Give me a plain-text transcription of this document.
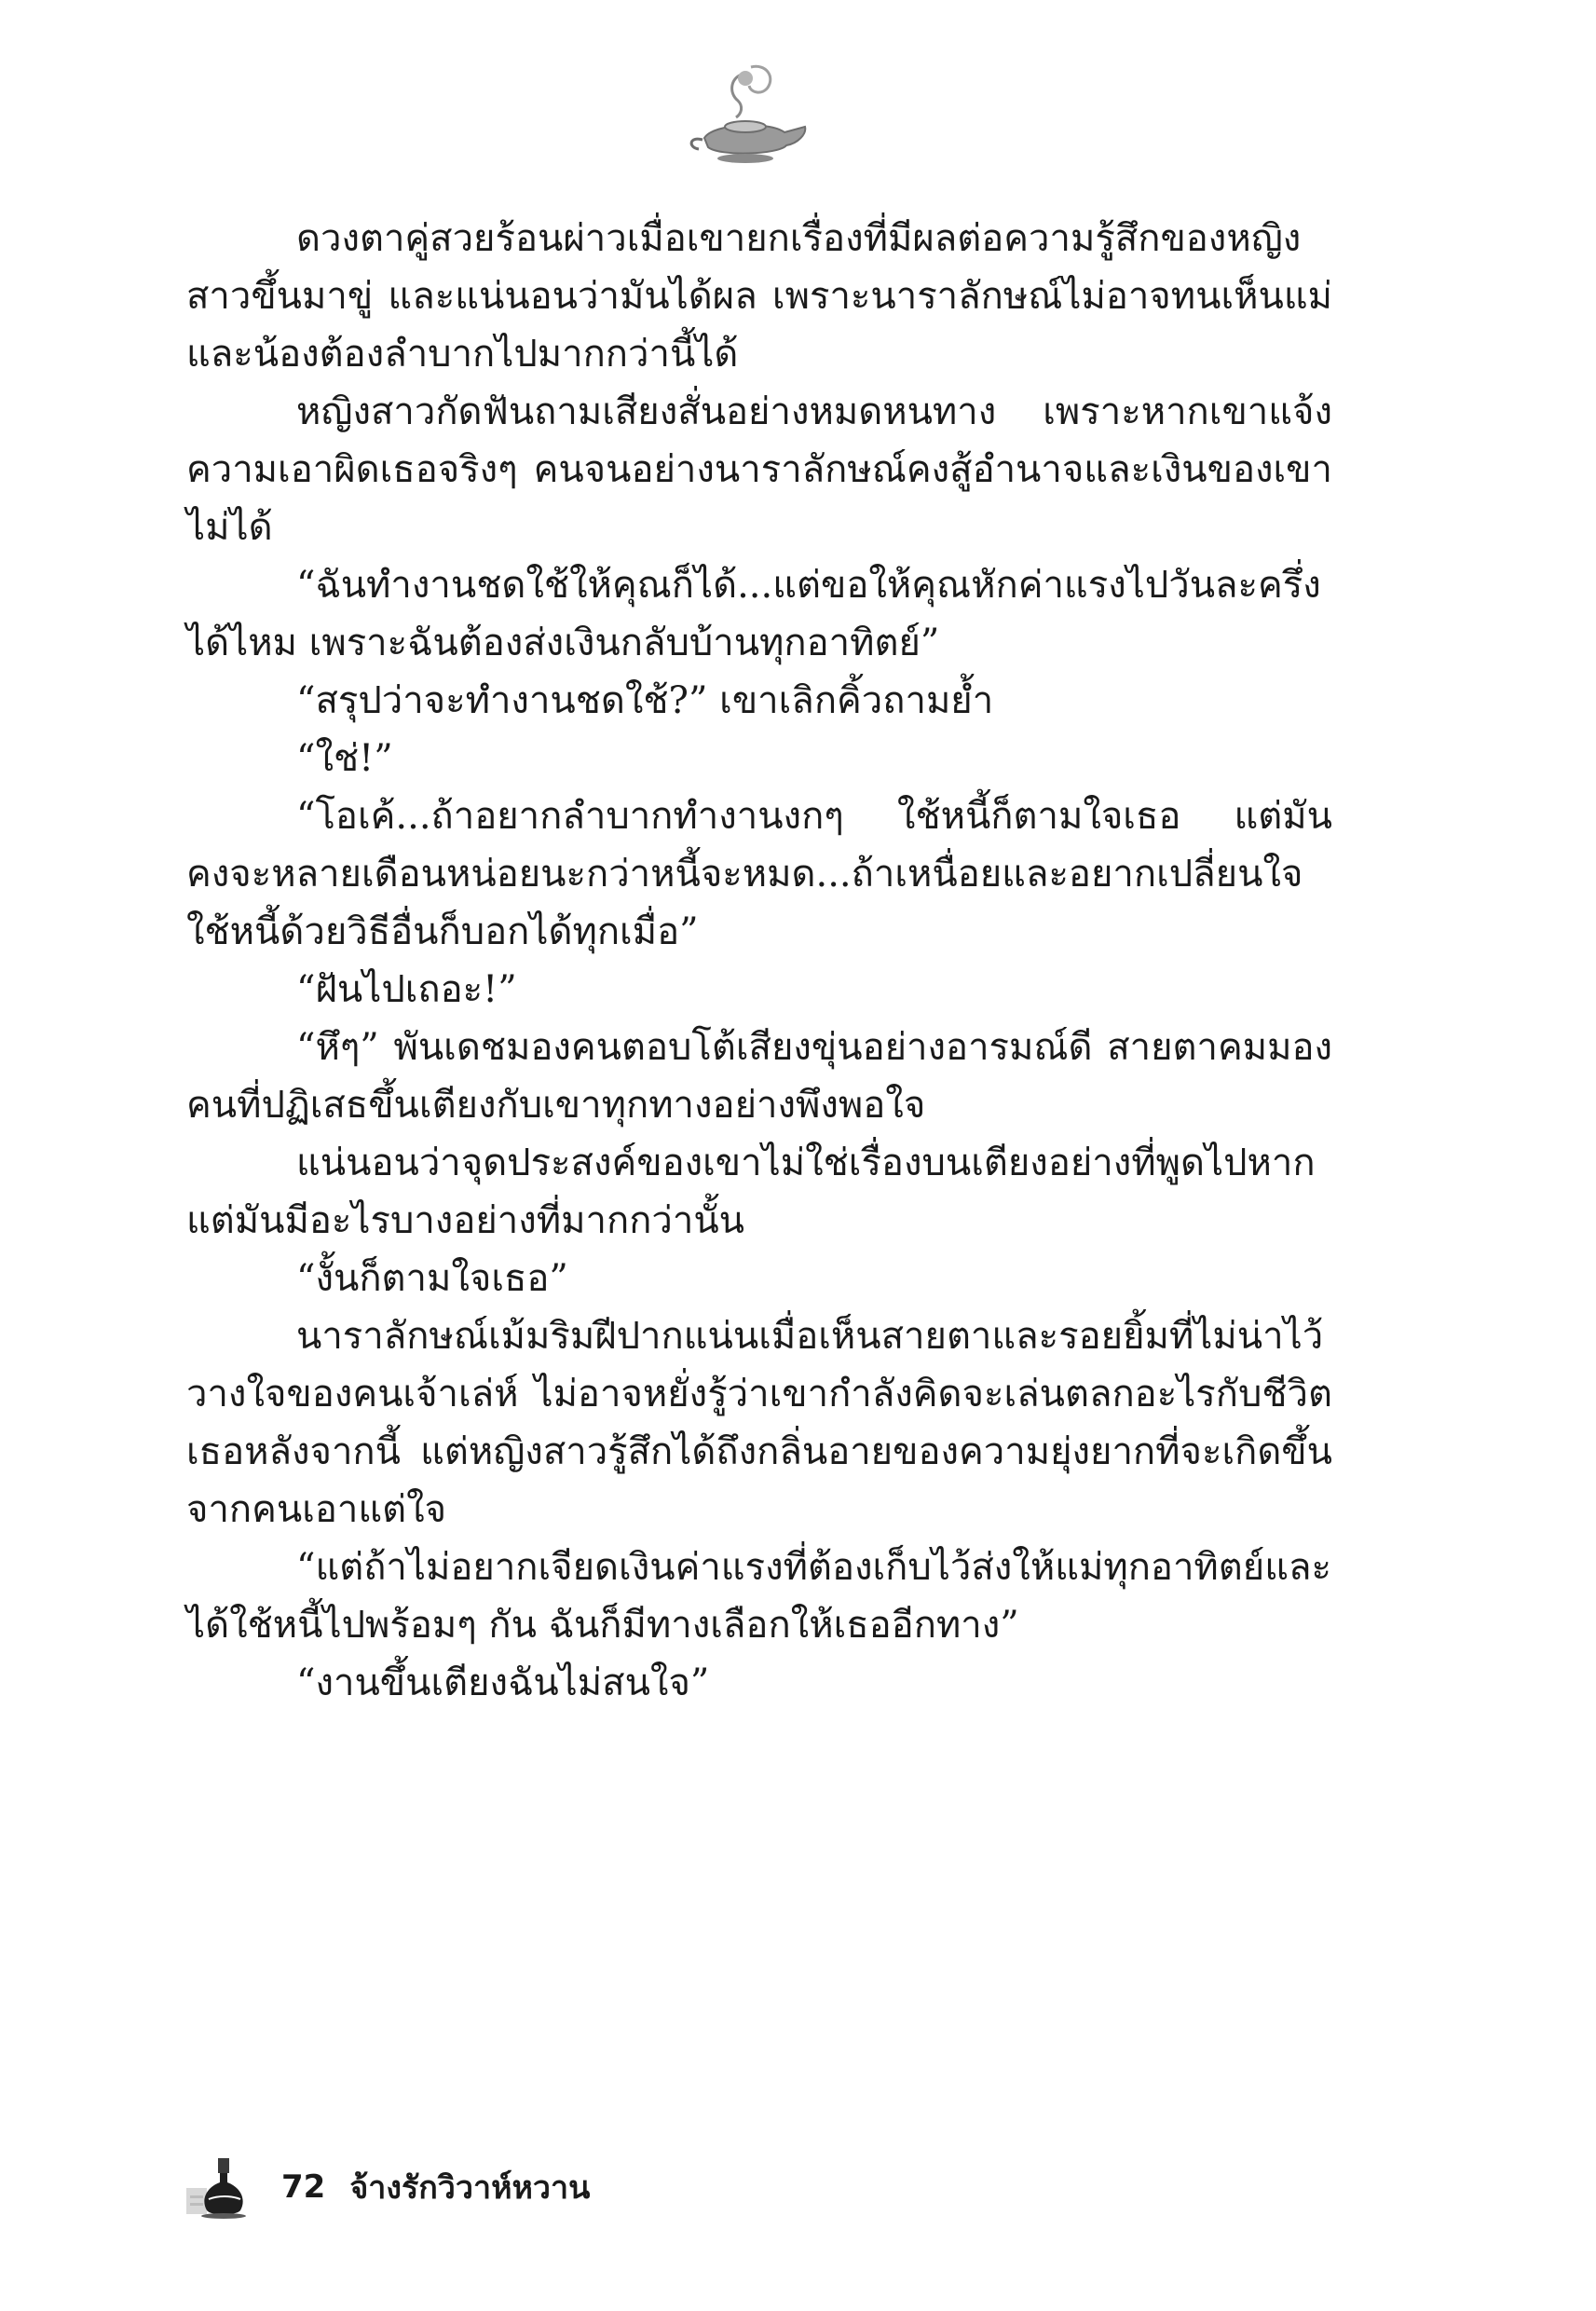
ดวงตาคู่สวยร้อนผ่าวเมื่อเขายกเรื่องที่มีผลต่อความรู้สึกของหญิงสาวขึ้นมาขู่ และแน่นอนว่ามันได้ผล เพราะนาราลักษณ์ไม่อาจทนเห็นแม่และน้องต้องลำบากไปมากกว่านี้ได้

หญิงสาวกัดฟันถามเสียงสั่นอย่างหมดหนทาง เพราะหากเขาแจ้งความเอาผิดเธอจริงๆ คนจนอย่างนาราลักษณ์คงสู้อำนาจและเงินของเขาไม่ได้

“ฉันทำงานชดใช้ให้คุณก็ได้...แต่ขอให้คุณหักค่าแรงไปวันละครึ่งได้ไหม เพราะฉันต้องส่งเงินกลับบ้านทุกอาทิตย์”

“สรุปว่าจะทำงานชดใช้?” เขาเลิกคิ้วถามย้ำ

“ใช่!”

“โอเค้...ถ้าอยากลำบากทำงานงกๆ ใช้หนี้ก็ตามใจเธอ แต่มันคงจะหลายเดือนหน่อยนะกว่าหนี้จะหมด...ถ้าเหนื่อยและอยากเปลี่ยนใจใช้หนี้ด้วยวิธีอื่นก็บอกได้ทุกเมื่อ”

“ฝันไปเถอะ!”

“หึๆ” พันเดชมองคนตอบโต้เสียงขุ่นอย่างอารมณ์ดี สายตาคมมองคนที่ปฏิเสธขึ้นเตียงกับเขาทุกทางอย่างพึงพอใจ

แน่นอนว่าจุดประสงค์ของเขาไม่ใช่เรื่องบนเตียงอย่างที่พูดไปหากแต่มันมีอะไรบางอย่างที่มากกว่านั้น

“งั้นก็ตามใจเธอ”

นาราลักษณ์เม้มริมฝีปากแน่นเมื่อเห็นสายตาและรอยยิ้มที่ไม่น่าไว้วางใจของคนเจ้าเล่ห์ ไม่อาจหยั่งรู้ว่าเขากำลังคิดจะเล่นตลกอะไรกับชีวิตเธอหลังจากนี้ แต่หญิงสาวรู้สึกได้ถึงกลิ่นอายของความยุ่งยากที่จะเกิดขึ้นจากคนเอาแต่ใจ

“แต่ถ้าไม่อยากเจียดเงินค่าแรงที่ต้องเก็บไว้ส่งให้แม่ทุกอาทิตย์และได้ใช้หนี้ไปพร้อมๆ กัน ฉันก็มีทางเลือกให้เธออีกทาง”

“งานขึ้นเตียงฉันไม่สนใจ”

72 จ้างรักวิวาห์หวาน
